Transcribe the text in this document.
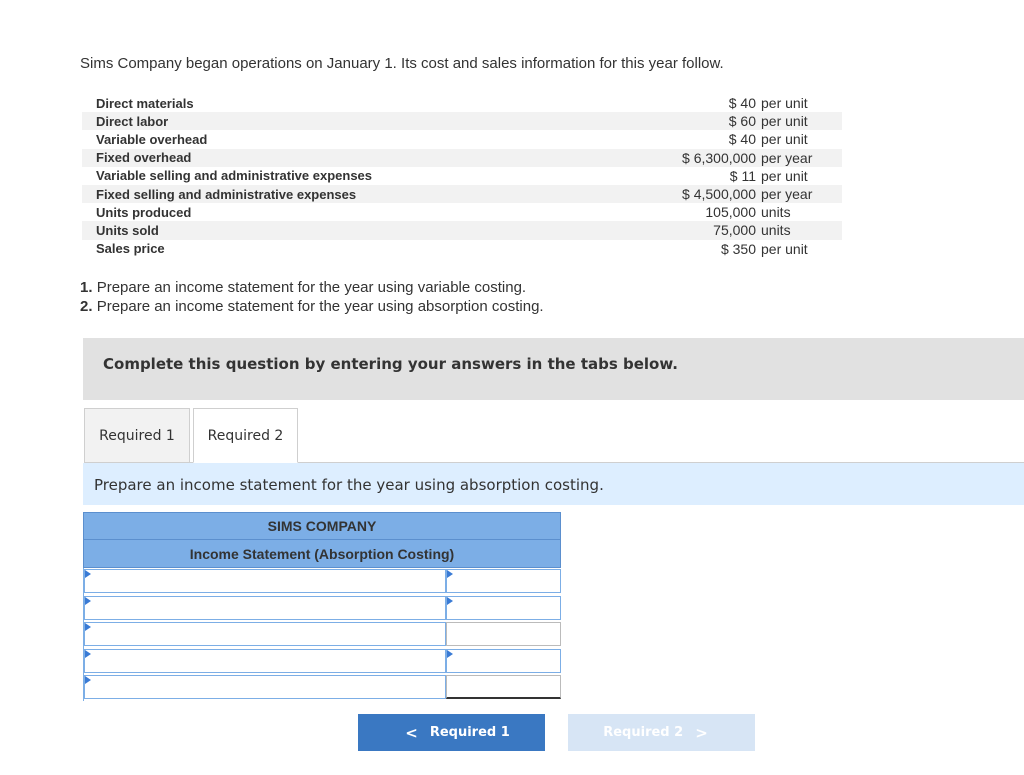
Sims Company began operations on January 1. Its cost and sales information for this year follow.
Direct materials	$ 40	per unit
Direct labor	$ 60	per unit
Variable overhead	$ 40	per unit
Fixed overhead	$ 6,300,000	per year
Variable selling and administrative expenses	$ 11	per unit
Fixed selling and administrative expenses	$ 4,500,000	per year
Units produced	105,000	units
Units sold	75,000	units
Sales price	$ 350	per unit
1. Prepare an income statement for the year using variable costing.
2. Prepare an income statement for the year using absorption costing.
Complete this question by entering your answers in the tabs below.
Required 1	Required 2
Prepare an income statement for the year using absorption costing.
SIMS COMPANY
Income Statement (Absorption Costing)
< Required 1	Required 2 >
